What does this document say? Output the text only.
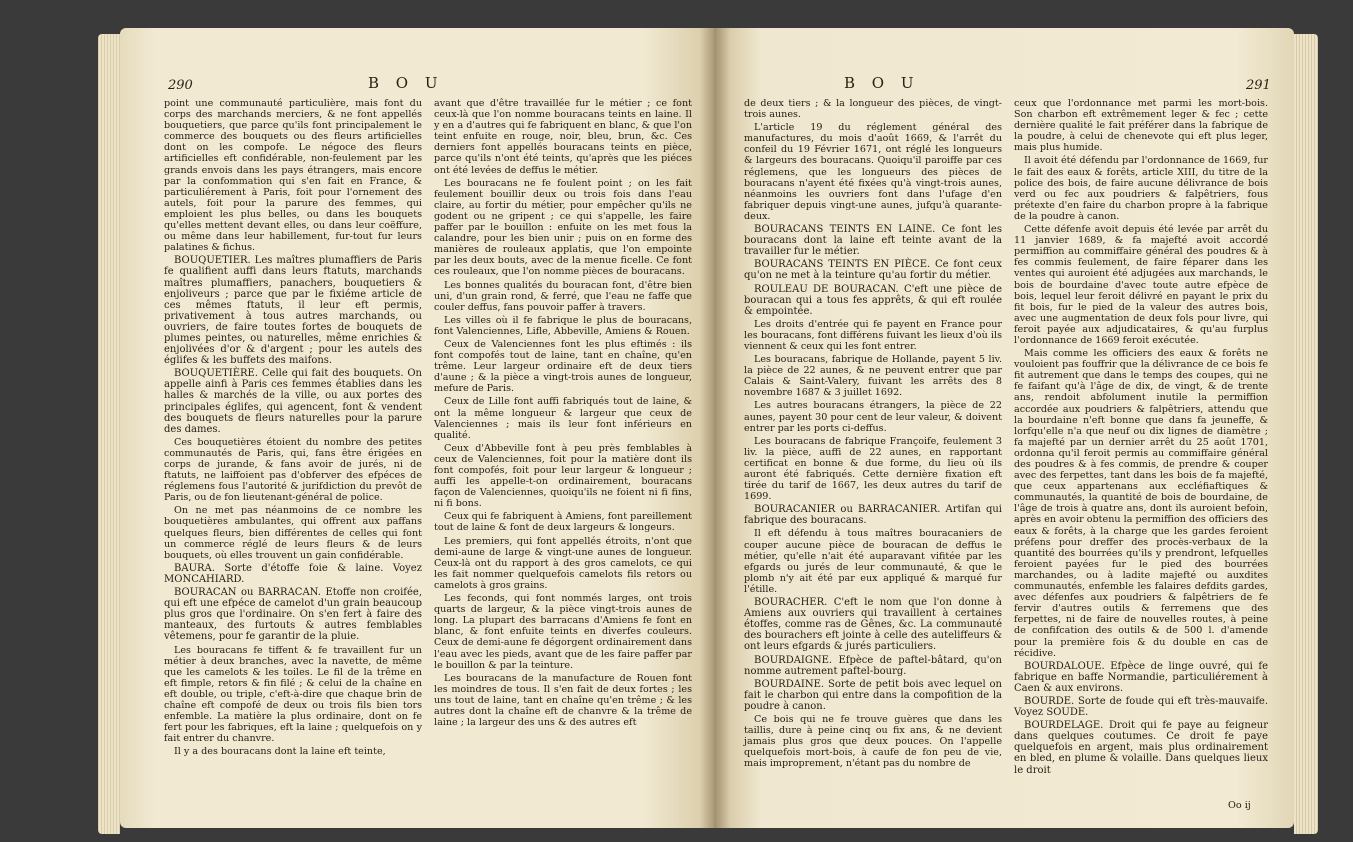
290	B O U

point une communauté particulière, mais font du corps des marchands merciers, & ne font appellés bouquetiers, que parce qu'ils font principalement le commerce des bouquets ou des fleurs artificielles dont on les compofe. Le négoce des fleurs artificielles eft confidérable, non-feulement par les grands envois dans les pays étrangers, mais encore par la confommation qui s'en fait en France, & particuliérement à Paris, foit pour l'ornement des autels, foit pour la parure des femmes, qui emploient les plus belles, ou dans les bouquets qu'elles mettent devant elles, ou dans leur coëffure, ou même dans leur habillement, fur-tout fur leurs palatines & fichus.

BOUQUETIER. Les maîtres plumaffiers de Paris fe qualifient auffi dans leurs ftatuts, marchands maîtres plumaffiers, panachers, bouquetiers & enjoliveurs ; parce que par le fixiéme article de ces mêmes ftatuts, il leur eft permis, privativement à tous autres marchands, ou ouvriers, de faire toutes fortes de bouquets de plumes peintes, ou naturelles, même enrichies & enjolivées d'or & d'argent ; pour les autels des églifes & les buffets des maifons.

BOUQUETIÈRE. Celle qui fait des bouquets. On appelle ainfi à Paris ces femmes établies dans les halles & marchés de la ville, ou aux portes des principales églifes, qui agencent, font & vendent des bouquets de fleurs naturelles pour la parure des dames.

Ces bouquetières étoient du nombre des petites communautés de Paris, qui, fans être érigées en corps de jurande, & fans avoir de jurés, ni de ftatuts, ne laiffoient pas d'obferver des efpéces de réglemens fous l'autorité & jurifdiction du prevôt de Paris, ou de fon lieutenant-général de police.

On ne met pas néanmoins de ce nombre les bouquetières ambulantes, qui offrent aux paffans quelques fleurs, bien différentes de celles qui font un commerce réglé de leurs fleurs & de leurs bouquets, où elles trouvent un gain confidérable.

BAURA. Sorte d'étoffe foie & laine. Voyez MONCAHIARD.

BOURACAN ou BARRACAN. Etoffe non croifée, qui eft une efpéce de camelot d'un grain beaucoup plus gros que l'ordinaire. On s'en fert à faire des manteaux, des furtouts & autres femblables vêtemens, pour fe garantir de la pluie.

Les bouracans fe tiffent & fe travaillent fur un métier à deux branches, avec la navette, de même que les camelots & les toiles. Le fil de la trême en eft fimple, retors & fin filé ; & celui de la chaîne en eft double, ou triple, c'eft-à-dire que chaque brin de chaîne eft compofé de deux ou trois fils bien tors enfemble. La matière la plus ordinaire, dont on fe fert pour les fabriques, eft la laine ; quelquefois on y fait entrer du chanvre.

Il y a des bouracans dont la laine eft teinte,

avant que d'être travaillée fur le métier ; ce font ceux-là que l'on nomme bouracans teints en laine. Il y en a d'autres qui fe fabriquent en blanc, & que l'on teint enfuite en rouge, noir, bleu, brun, &c. Ces derniers font appellés bouracans teints en pièce, parce qu'ils n'ont été teints, qu'après que les piéces ont été levées de deffus le métier.

Les bouracans ne fe foulent point ; on les fait feulement bouillir deux ou trois fois dans l'eau claire, au fortir du métier, pour empêcher qu'ils ne godent ou ne gripent ; ce qui s'appelle, les faire paffer par le bouillon : enfuite on les met fous la calandre, pour les bien unir ; puis on en forme des manières de rouleaux applatis, que l'on empointe par les deux bouts, avec de la menue ficelle. Ce font ces rouleaux, que l'on nomme pièces de bouracans.

Les bonnes qualités du bouracan font, d'être bien uni, d'un grain rond, & ferré, que l'eau ne faffe que couler deffus, fans pouvoir paffer à travers.

Les villes où il fe fabrique le plus de bouracans, font Valenciennes, Lifle, Abbeville, Amiens & Rouen.

Ceux de Valenciennes font les plus eftimés : ils font compofés tout de laine, tant en chaîne, qu'en trême. Leur largeur ordinaire eft de deux tiers d'aune ; & la pièce a vingt-trois aunes de longueur, mefure de Paris.

Ceux de Lille font auffi fabriqués tout de laine, & ont la même longueur & largeur que ceux de Valenciennes ; mais ils leur font inférieurs en qualité.

Ceux d'Abbeville font à peu près femblables à ceux de Valenciennes, foit pour la matière dont ils font compofés, foit pour leur largeur & longueur ; auffi les appelle-t-on ordinairement, bouracans façon de Valenciennes, quoiqu'ils ne foient ni fi fins, ni fi bons.

Ceux qui fe fabriquent à Amiens, font pareillement tout de laine & font de deux largeurs & longeurs.

Les premiers, qui font appellés étroits, n'ont que demi-aune de large & vingt-une aunes de longueur. Ceux-là ont du rapport à des gros camelots, ce qui les fait nommer quelquefois camelots fils retors ou camelots à gros grains.

Les feconds, qui font nommés larges, ont trois quarts de largeur, & la pièce vingt-trois aunes de long. La plupart des barracans d'Amiens fe font en blanc, & font enfuite teints en diverfes couleurs. Ceux de demi-aune fe dégorgent ordinairement dans l'eau avec les pieds, avant que de les faire paffer par le bouillon & par la teinture.

Les bouracans de la manufacture de Rouen font les moindres de tous. Il s'en fait de deux fortes ; les uns tout de laine, tant en chaîne qu'en trême ; & les autres dont la chaîne eft de chanvre & la trême de laine ; la largeur des uns & des autres eft

B O U	291

de deux tiers ; & la longueur des pièces, de vingt-trois aunes.

L'article 19 du réglement général des manufactures, du mois d'août 1669, & l'arrêt du confeil du 19 Février 1671, ont réglé les longueurs & largeurs des bouracans. Quoiqu'il paroiffe par ces réglemens, que les longueurs des pièces de bouracans n'ayent été fixées qu'à vingt-trois aunes, néanmoins les ouvriers font dans l'ufage d'en fabriquer depuis vingt-une aunes, jufqu'à quarante-deux.

BOURACANS TEINTS EN LAINE. Ce font les bouracans dont la laine eft teinte avant de la travailler fur le métier.

BOURACANS TEINTS EN PIÈCE. Ce font ceux qu'on ne met à la teinture qu'au fortir du métier.

ROULEAU DE BOURACAN. C'eft une pièce de bouracan qui a tous fes apprêts, & qui eft roulée & empointée.

Les droits d'entrée qui fe payent en France pour les bouracans, font différens fuivant les lieux d'où ils viennent & ceux qui les font entrer.

Les bouracans, fabrique de Hollande, payent 5 liv. la pièce de 22 aunes, & ne peuvent entrer que par Calais & Saint-Valery, fuivant les arrêts des 8 novembre 1687 & 3 juillet 1692.

Les autres bouracans étrangers, la pièce de 22 aunes, payent 30 pour cent de leur valeur, & doivent entrer par les ports ci-deffus.

Les bouracans de fabrique Françoife, feulement 3 liv. la pièce, auffi de 22 aunes, en rapportant certificat en bonne & due forme, du lieu où ils auront été fabriqués. Cette dernière fixation eft tirée du tarif de 1667, les deux autres du tarif de 1699.

BOURACANIER ou BARRACANIER. Artifan qui fabrique des bouracans.

Il eft défendu à tous maîtres bouracaniers de couper aucune pièce de bouracan de deffus le métier, qu'elle n'ait été auparavant vifitée par les efgards ou jurés de leur communauté, & que le plomb n'y ait été par eux appliqué & marqué fur l'étille.

BOURACHER. C'eft le nom que l'on donne à Amiens aux ouvriers qui travaillent à certaines étoffes, comme ras de Gênes, &c. La communauté des bourachers eft jointe à celle des auteliffeurs & ont leurs efgards & jurés particuliers.

BOURDAIGNE. Efpèce de paftel-bâtard, qu'on nomme autrement paftel-bourg.

BOURDAINE. Sorte de petit bois avec lequel on fait le charbon qui entre dans la compofition de la poudre à canon.

Ce bois qui ne fe trouve guères que dans les taillis, dure à peine cinq ou fix ans, & ne devient jamais plus gros que deux pouces. On l'appelle quelquefois mort-bois, à caufe de fon peu de vie, mais improprement, n'étant pas du nombre de

ceux que l'ordonnance met parmi les mort-bois. Son charbon eft extrêmement leger & fec ; cette dernière qualité le fait préférer dans la fabrique de la poudre, à celui de chenevote qui eft plus leger, mais plus humide.

Il avoit été défendu par l'ordonnance de 1669, fur le fait des eaux & forêts, article XIII, du titre de la police des bois, de faire aucune délivrance de bois verd ou fec aux poudriers & falpêtriers, fous prétexte d'en faire du charbon propre à la fabrique de la poudre à canon.

Cette défenfe avoit depuis été levée par arrêt du 11 janvier 1689, & fa majefté avoit accordé permiffion au commiffaire général des poudres & à fes commis feulement, de faire féparer dans les ventes qui auroient été adjugées aux marchands, le bois de bourdaine d'avec toute autre efpèce de bois, lequel leur feroit délivré en payant le prix du fit bois, fur le pied de la valeur des autres bois, avec une augmentation de deux fols pour livre, qui feroit payée aux adjudicataires, & qu'au furplus l'ordonnance de 1669 feroit exécutée.

Mais comme les officiers des eaux & forêts ne vouloient pas fouffrir que la délivrance de ce bois fe fit autrement que dans le temps des coupes, qui ne fe faifant qu'à l'âge de dix, de vingt, & de trente ans, rendoit abfolument inutile la permiffion accordée aux poudriers & falpêtriers, attendu que la bourdaine n'eft bonne que dans fa jeuneffe, & lorfqu'elle n'a que neuf ou dix lignes de diamètre ; fa majefté par un dernier arrêt du 25 août 1701, ordonna qu'il feroit permis au commiffaire général des poudres & à fes commis, de prendre & couper avec des ferpettes, tant dans les bois de fa majefté, que ceux appartenans aux eccléfiaftiques & communautés, la quantité de bois de bourdaine, de l'âge de trois à quatre ans, dont ils auroient befoin, après en avoir obtenu la permiffion des officiers des eaux & forêts, à la charge que les gardes feroient préfens pour dreffer des procès-verbaux de la quantité des bourrées qu'ils y prendront, lefquelles feroient payées fur le pied des bourrées marchandes, ou à ladite majefté ou auxdites communautés, enfemble les falaires defdits gardes, avec défenfes aux poudriers & falpêtriers de fe fervir d'autres outils & ferremens que des ferpettes, ni de faire de nouvelles routes, à peine de confifcation des outils & de 500 l. d'amende pour la première fois & du double en cas de récidive.

BOURDALOUE. Efpèce de linge ouvré, qui fe fabrique en baffe Normandie, particuliérement à Caen & aux environs.

BOURDE. Sorte de foude qui eft très-mauvaife. Voyez SOUDE.

BOURDELAGE. Droit qui fe paye au feigneur dans quelques coutumes. Ce droit fe paye quelquefois en argent, mais plus ordinairement en bled, en plume & volaille. Dans quelques lieux le droit

Oo ij
